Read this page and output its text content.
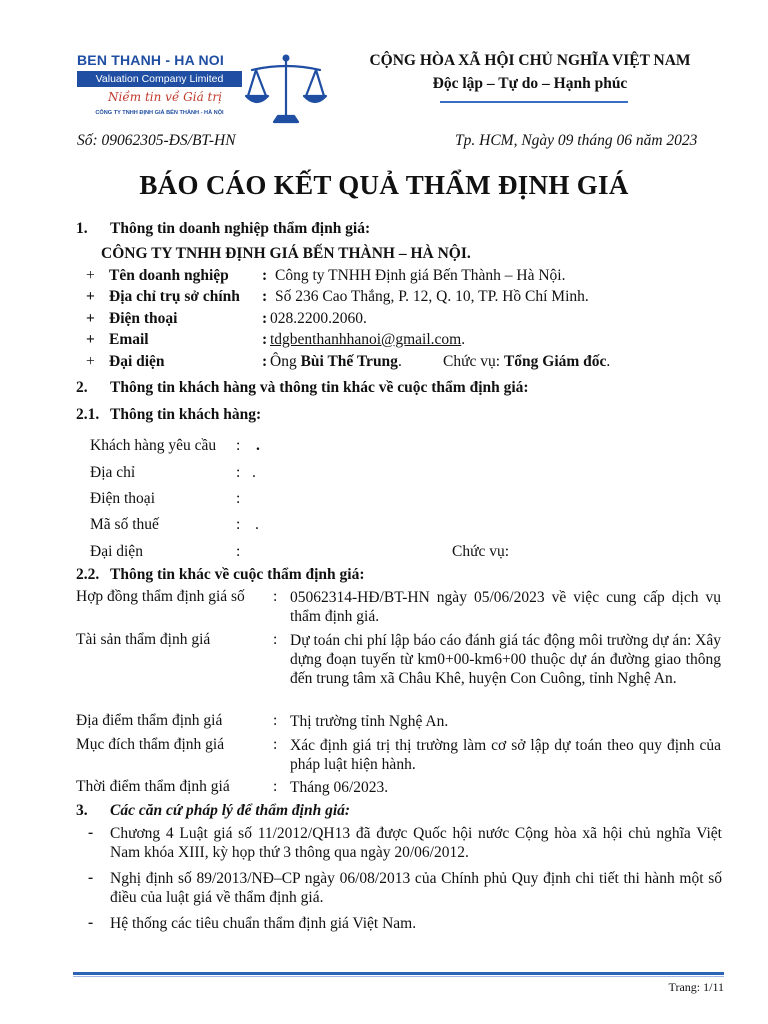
BEN THANH - HA NOI
Valuation Company Limited
Niềm tin về Giá trị
CÔNG TY TNHH ĐỊNH GIÁ BẾN THÀNH - HÀ NỘI
CỘNG HÒA XÃ HỘI CHỦ NGHĨA VIỆT NAM
Độc lập – Tự do – Hạnh phúc
Số: 09062305-ĐS/BT-HN	Tp. HCM, Ngày 09 tháng 06 năm 2023
BÁO CÁO KẾT QUẢ THẨM ĐỊNH GIÁ
1. Thông tin doanh nghiệp thẩm định giá:
CÔNG TY TNHH ĐỊNH GIÁ BẾN THÀNH – HÀ NỘI.
+ Tên doanh nghiệp : Công ty TNHH Định giá Bến Thành – Hà Nội.
+ Địa chỉ trụ sở chính : Số 236 Cao Thắng, P. 12, Q. 10, TP. Hồ Chí Minh.
+ Điện thoại	: 028.2200.2060.
+ Email	: tdgbenthanhhanoi@gmail.com.
+ Đại diện	: Ông Bùi Thế Trung.	Chức vụ: Tổng Giám đốc.
2. Thông tin khách hàng và thông tin khác về cuộc thẩm định giá:
2.1. Thông tin khách hàng:
Khách hàng yêu cầu : .
Địa chỉ	: .
Điện thoại	:
Mã số thuế	: .
Đại diện	:	Chức vụ:
2.2. Thông tin khác về cuộc thẩm định giá:
Hợp đồng thẩm định giá số : 05062314-HĐ/BT-HN ngày 05/06/2023 về việc cung cấp dịch vụ thẩm định giá.
Tài sản thẩm định giá	: Dự toán chi phí lập báo cáo đánh giá tác động môi trường dự án: Xây dựng đoạn tuyến từ km0+00-km6+00 thuộc dự án đường giao thông đến trung tâm xã Châu Khê, huyện Con Cuông, tỉnh Nghệ An.
Địa điểm thẩm định giá	: Thị trường tỉnh Nghệ An.
Mục đích thẩm định giá	: Xác định giá trị thị trường làm cơ sở lập dự toán theo quy định của pháp luật hiện hành.
Thời điểm thẩm định giá	: Tháng 06/2023.
3. Các căn cứ pháp lý để thẩm định giá:
- Chương 4 Luật giá số 11/2012/QH13 đã được Quốc hội nước Cộng hòa xã hội chủ nghĩa Việt Nam khóa XIII, kỳ họp thứ 3 thông qua ngày 20/06/2012.
- Nghị định số 89/2013/NĐ–CP ngày 06/08/2013 của Chính phủ Quy định chi tiết thi hành một số điều của luật giá về thẩm định giá.
- Hệ thống các tiêu chuẩn thẩm định giá Việt Nam.
Trang: 1/11
